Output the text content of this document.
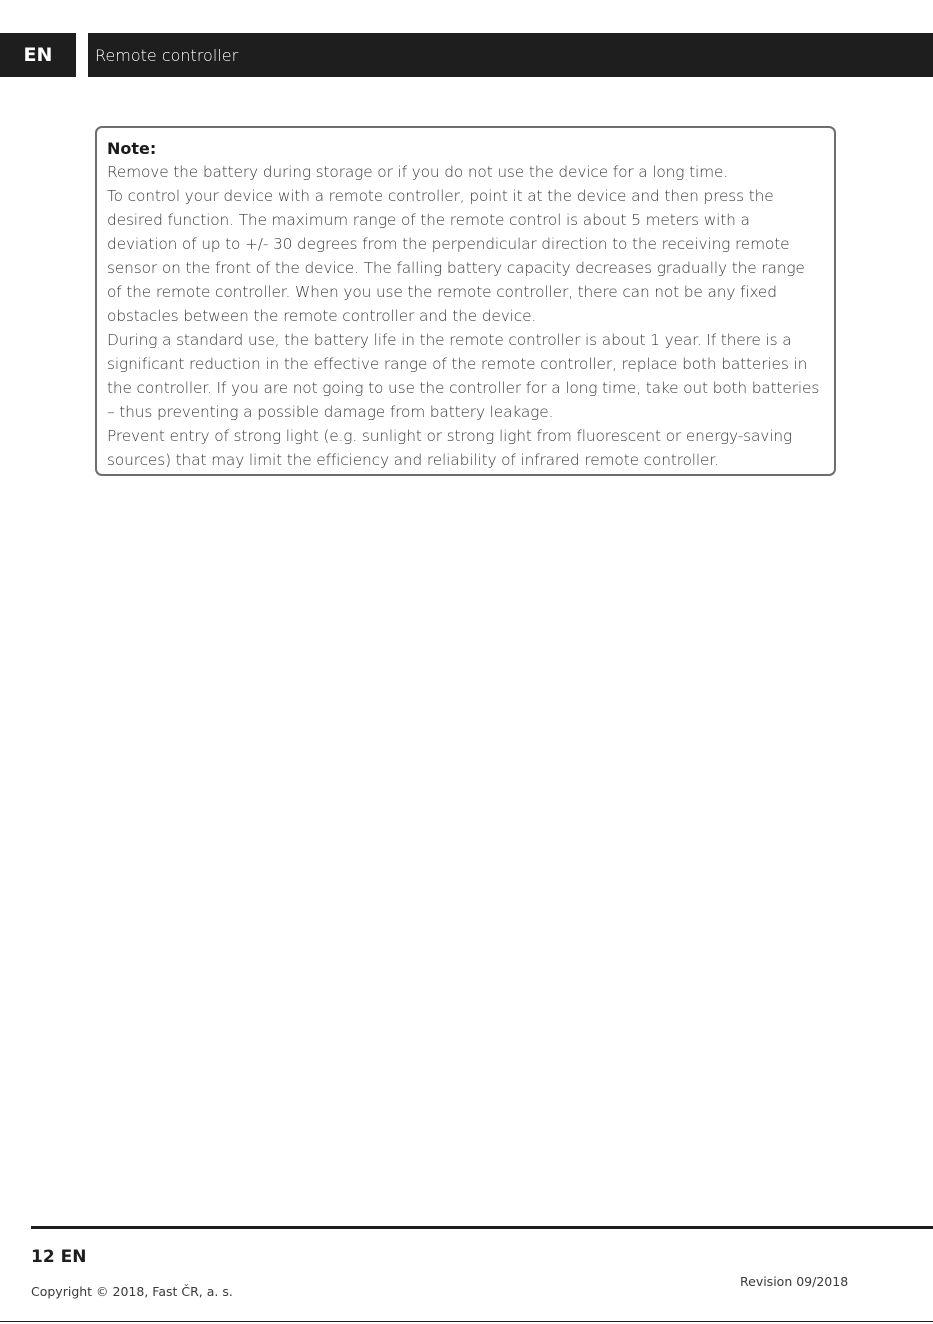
EN	Remote controller
Note:

Remove the battery during storage or if you do not use the device for a long time.

To control your device with a remote controller, point it at the device and then press the desired function. The maximum range of the remote control is about 5 meters with a deviation of up to +/- 30 degrees from the perpendicular direction to the receiving remote sensor on the front of the device. The falling battery capacity decreases gradually the range of the remote controller. When you use the remote controller, there can not be any fixed obstacles between the remote controller and the device.

During a standard use, the battery life in the remote controller is about 1 year. If there is a significant reduction in the effective range of the remote controller, replace both batteries in the controller. If you are not going to use the controller for a long time, take out both batteries – thus preventing a possible damage from battery leakage.

Prevent entry of strong light (e.g. sunlight or strong light from fluorescent or energy-saving sources) that may limit the efficiency and reliability of infrared remote controller.

12 EN
Copyright © 2018, Fast ČR, a. s.
Revision 09/2018
